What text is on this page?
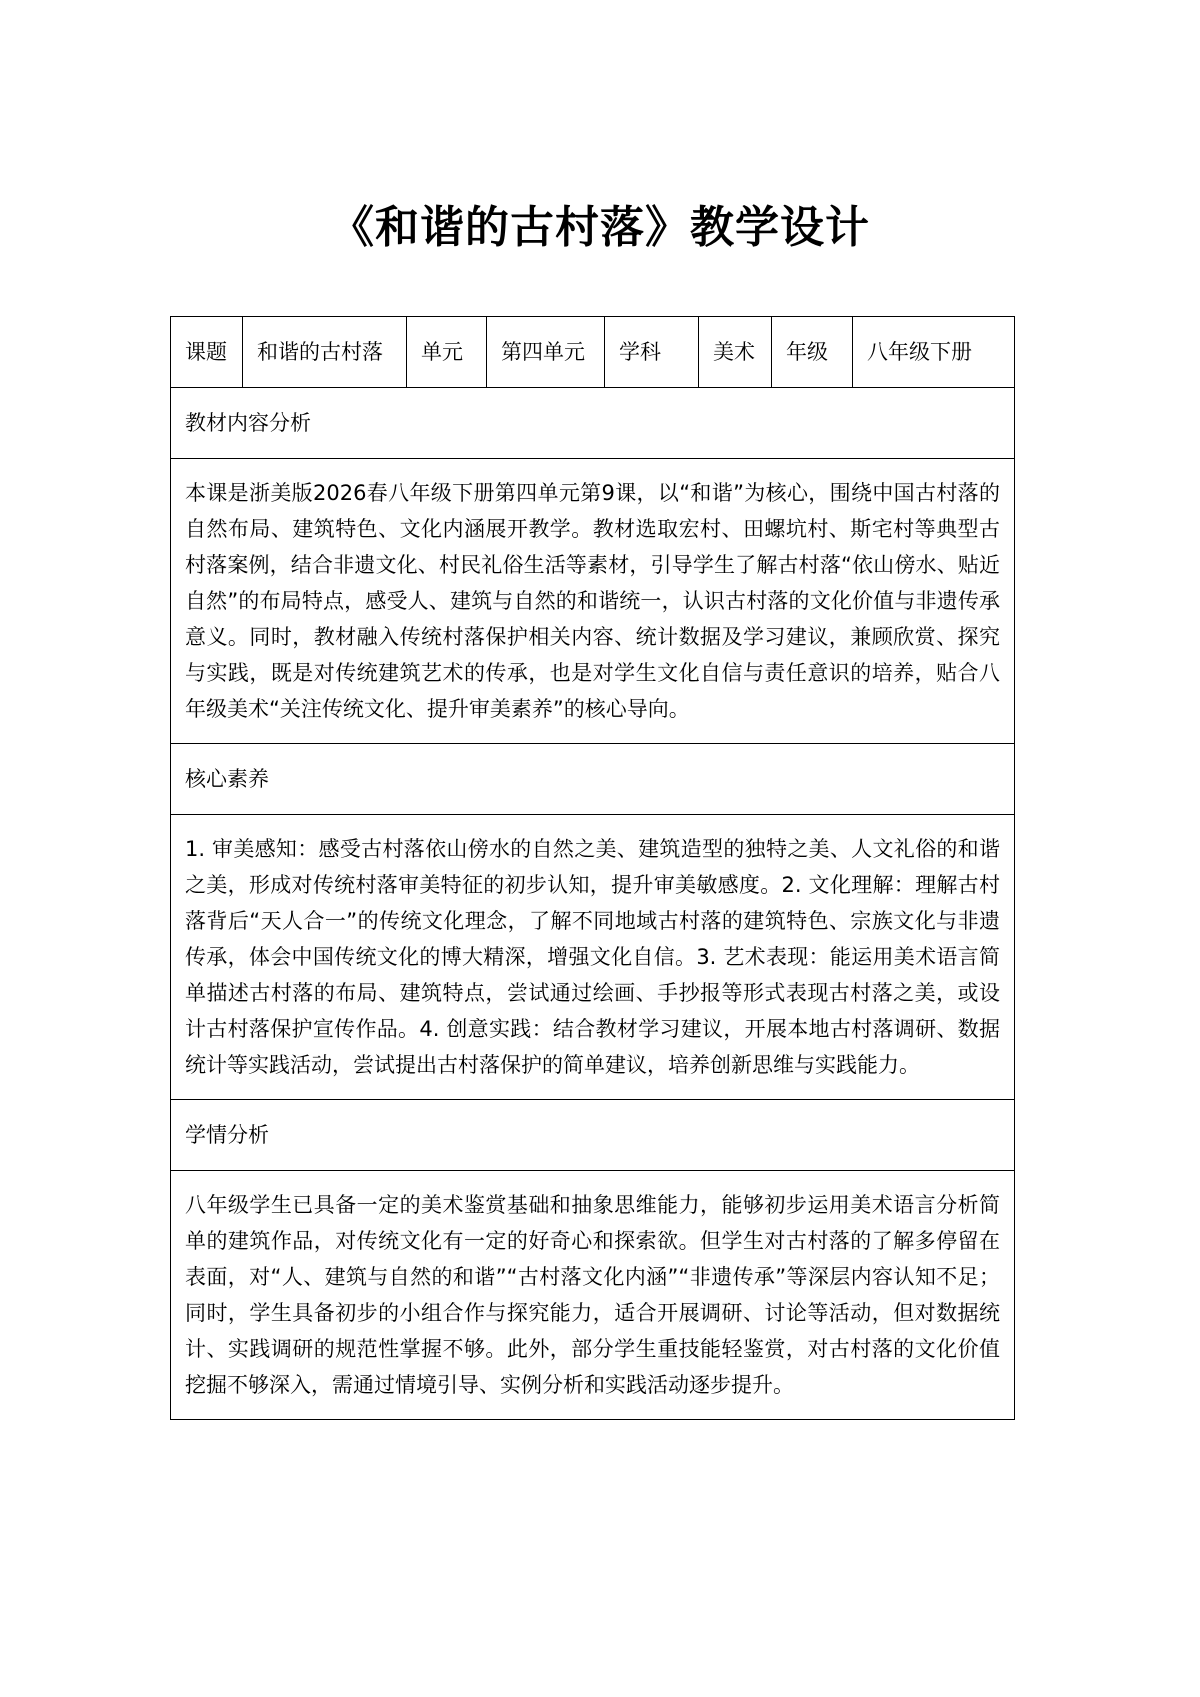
《和谐的古村落》教学设计
课题	和谐的古村落	单元	第四单元	学科	美术	年级	八年级下册
教材内容分析
本课是浙美版2026春八年级下册第四单元第9课，以“和谐”为核心，围绕中国古村落的自然布局、建筑特色、文化内涵展开教学。教材选取宏村、田螺坑村、斯宅村等典型古村落案例，结合非遗文化、村民礼俗生活等素材，引导学生了解古村落“依山傍水、贴近自然”的布局特点，感受人、建筑与自然的和谐统一，认识古村落的文化价值与非遗传承意义。同时，教材融入传统村落保护相关内容、统计数据及学习建议，兼顾欣赏、探究与实践，既是对传统建筑艺术的传承，也是对学生文化自信与责任意识的培养，贴合八年级美术“关注传统文化、提升审美素养”的核心导向。
核心素养
1. 审美感知：感受古村落依山傍水的自然之美、建筑造型的独特之美、人文礼俗的和谐之美，形成对传统村落审美特征的初步认知，提升审美敏感度。2. 文化理解：理解古村落背后“天人合一”的传统文化理念，了解不同地域古村落的建筑特色、宗族文化与非遗传承，体会中国传统文化的博大精深，增强文化自信。3. 艺术表现：能运用美术语言简单描述古村落的布局、建筑特点，尝试通过绘画、手抄报等形式表现古村落之美，或设计古村落保护宣传作品。4. 创意实践：结合教材学习建议，开展本地古村落调研、数据统计等实践活动，尝试提出古村落保护的简单建议，培养创新思维与实践能力。
学情分析
八年级学生已具备一定的美术鉴赏基础和抽象思维能力，能够初步运用美术语言分析简单的建筑作品，对传统文化有一定的好奇心和探索欲。但学生对古村落的了解多停留在表面，对“人、建筑与自然的和谐”“古村落文化内涵”“非遗传承”等深层内容认知不足；同时，学生具备初步的小组合作与探究能力，适合开展调研、讨论等活动，但对数据统计、实践调研的规范性掌握不够。此外，部分学生重技能轻鉴赏，对古村落的文化价值挖掘不够深入，需通过情境引导、实例分析和实践活动逐步提升。
